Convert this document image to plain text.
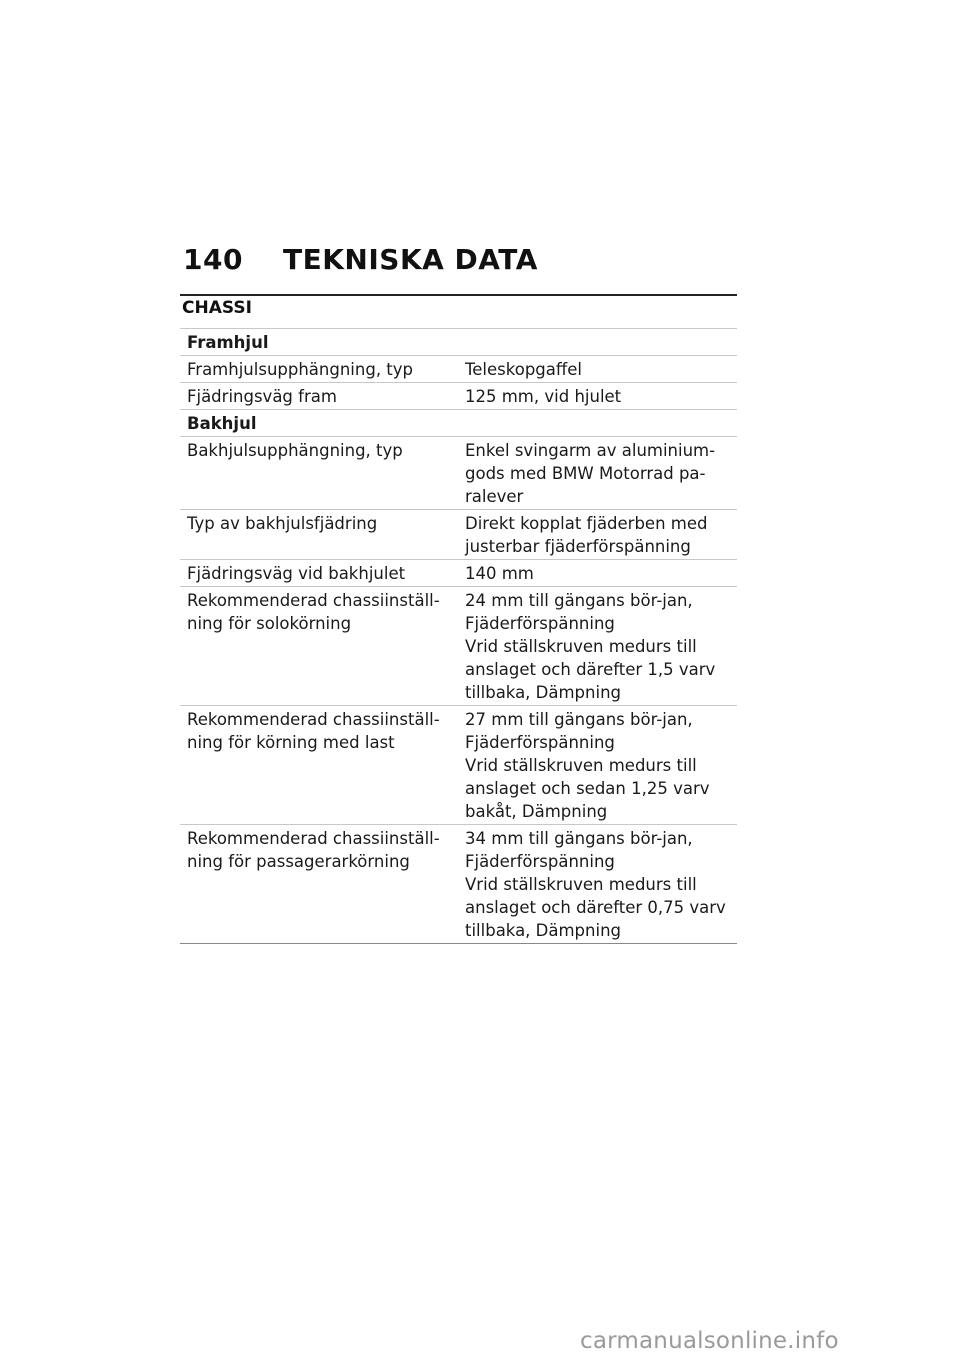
140	TEKNISKA DATA
CHASSI
Framhjul	
Framhjulsupphängning, typ	Teleskopgaffel

Fjädringsväg fram	125 mm, vid hjulet

Bakhjul	
Bakhjulsupphängning, typ	Enkel svingarm av aluminium-gods med BMW Motorrad pa-ralever

Typ av bakhjulsfjädring	Direkt kopplat fjäderben med justerbar fjäderförspänning

Fjädringsväg vid bakhjulet	140 mm

Rekommenderad chassiinställ-ning för solokörning	24 mm till gängans bör-jan, Fjäderförspänning
Vrid ställskruven medurs till anslaget och därefter 1,5 varv tillbaka, Dämpning

Rekommenderad chassiinställ-ning för körning med last	27 mm till gängans bör-jan, Fjäderförspänning
Vrid ställskruven medurs till anslaget och sedan 1,25 varv bakåt, Dämpning

Rekommenderad chassiinställ-ning för passagerarkörning	34 mm till gängans bör-jan, Fjäderförspänning
Vrid ställskruven medurs till anslaget och därefter 0,75 varv tillbaka, Dämpning
carmanualsonline.info
